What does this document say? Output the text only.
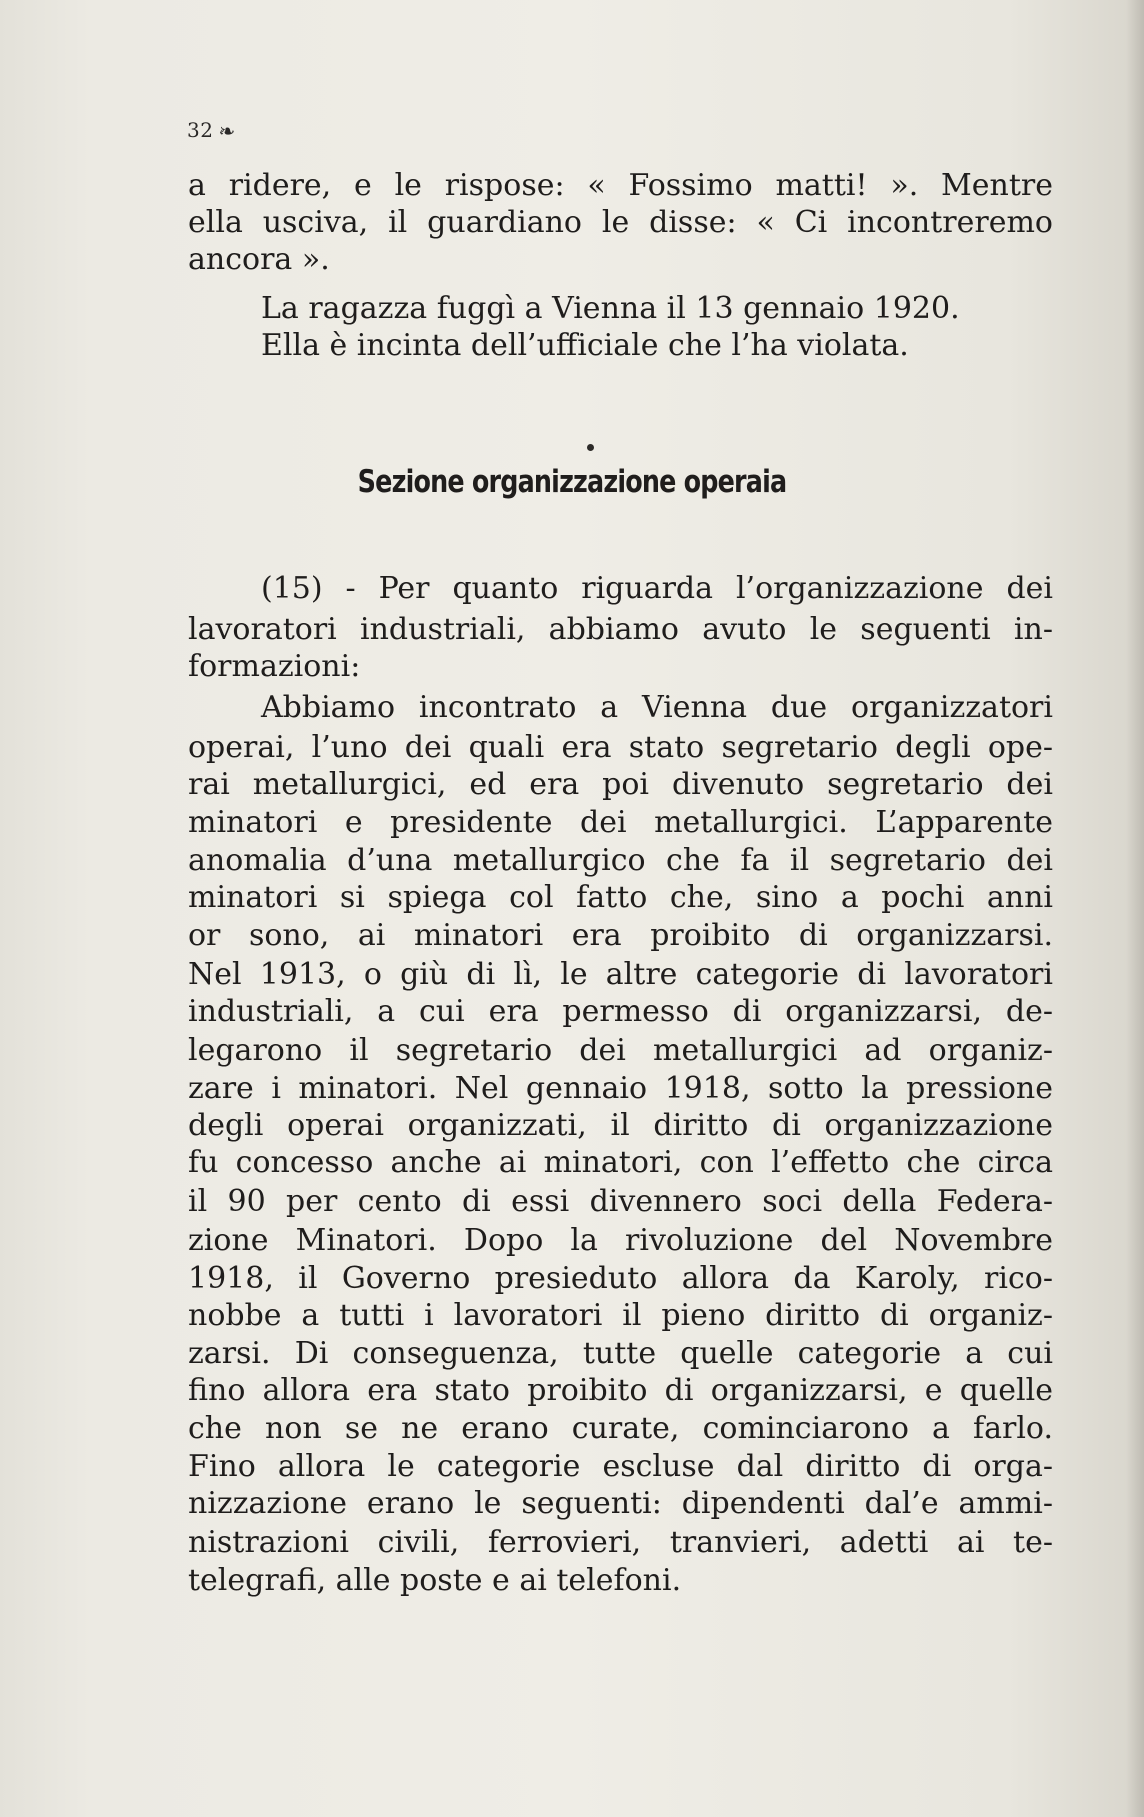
32 ❧
a ridere, e le rispose: « Fossimo matti! ». Mentre
ella usciva, il guardiano le disse: « Ci incontreremo
ancora ».
La ragazza fuggì a Vienna il 13 gennaio 1920.
Ella è incinta dell’ufficiale che l’ha violata.
Sezione organizzazione operaia
(15) - Per quanto riguarda l’organizzazione dei
lavoratori industriali, abbiamo avuto le seguenti in-
formazioni:
Abbiamo incontrato a Vienna due organizzatori
operai, l’uno dei quali era stato segretario degli ope-
rai metallurgici, ed era poi divenuto segretario dei
minatori e presidente dei metallurgici. L’apparente
anomalia d’una metallurgico che fa il segretario dei
minatori si spiega col fatto che, sino a pochi anni
or sono, ai minatori era proibito di organizzarsi.
Nel 1913, o giù di lì, le altre categorie di lavoratori
industriali, a cui era permesso di organizzarsi, de-
legarono il segretario dei metallurgici ad organiz-
zare i minatori. Nel gennaio 1918, sotto la pressione
degli operai organizzati, il diritto di organizzazione
fu concesso anche ai minatori, con l’effetto che circa
il 90 per cento di essi divennero soci della Federa-
zione Minatori. Dopo la rivoluzione del Novembre
1918, il Governo presieduto allora da Karoly, rico-
nobbe a tutti i lavoratori il pieno diritto di organiz-
zarsi. Di conseguenza, tutte quelle categorie a cui
fino allora era stato proibito di organizzarsi, e quelle
che non se ne erano curate, cominciarono a farlo.
Fino allora le categorie escluse dal diritto di orga-
nizzazione erano le seguenti: dipendenti dal’e ammi-
nistrazioni civili, ferrovieri, tranvieri, adetti ai te-
telegrafi, alle poste e ai telefoni.
